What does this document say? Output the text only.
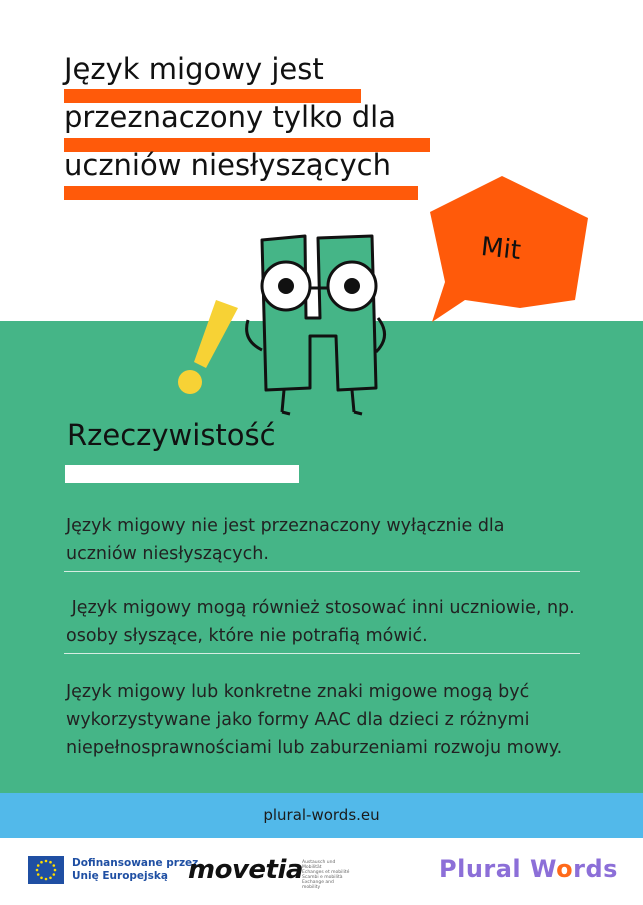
Język migowy jest
przeznaczony tylko dla
uczniów niesłyszących
Mit
Rzeczywistość
Język migowy nie jest przeznaczony wyłącznie dla
uczniów niesłyszących.
Język migowy mogą również stosować inni uczniowie, np.
osoby słyszące, które nie potrafią mówić.
Język migowy lub konkretne znaki migowe mogą być
wykorzystywane jako formy AAC dla dzieci z różnymi
niepełnosprawnościami lub zaburzeniami rozwoju mowy.
plural-words.eu
Dofinansowane przez
Unię Europejską movetia Austausch und Mobilität
Echanges et mobilité
Scambi e mobilità
Exchange and mobility
Plural Words
